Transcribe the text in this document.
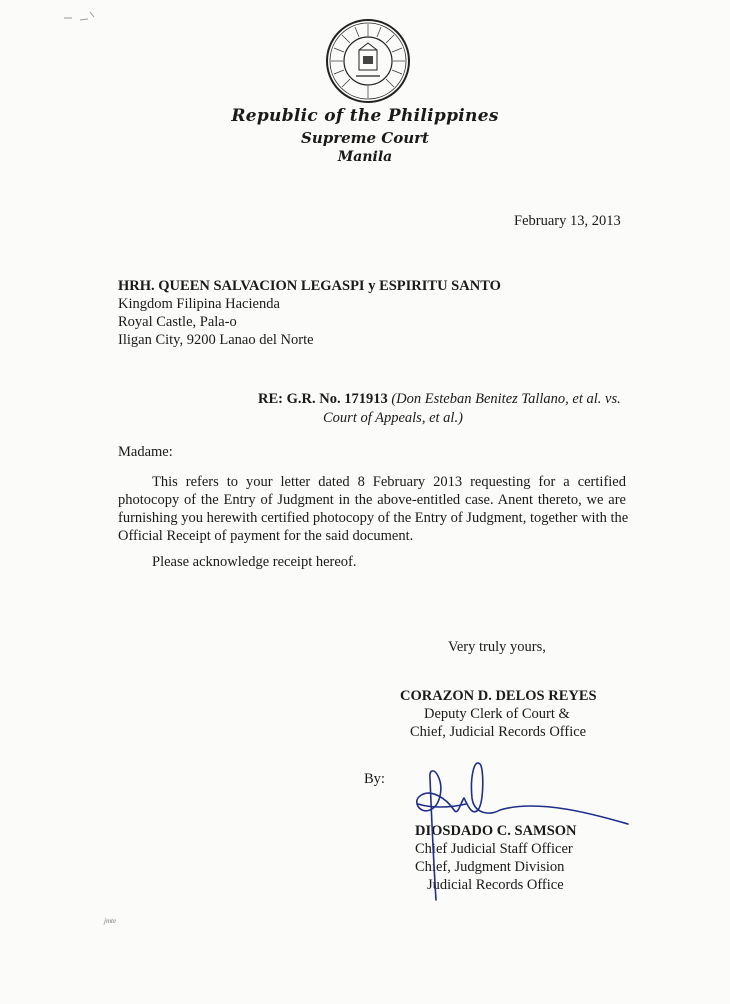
Republic of the Philippines
Supreme Court
Manila
February 13, 2013
HRH. QUEEN SALVACION LEGASPI y ESPIRITU SANTO
Kingdom Filipina Hacienda
Royal Castle, Pala-o
Iligan City, 9200 Lanao del Norte
RE: G.R. No. 171913 (Don Esteban Benitez Tallano, et al. vs.
Court of Appeals, et al.)
Madame:
This refers to your letter dated 8 February 2013 requesting for a certified
photocopy of the Entry of Judgment in the above-entitled case. Anent thereto, we are
furnishing you herewith certified photocopy of the Entry of Judgment, together with the
Official Receipt of payment for the said document.
Please acknowledge receipt hereof.
Very truly yours,
CORAZON D. DELOS REYES
Deputy Clerk of Court &
Chief, Judicial Records Office
By:
DIOSDADO C. SAMSON
Chief Judicial Staff Officer
Chief, Judgment Division
Judicial Records Office
jmte
